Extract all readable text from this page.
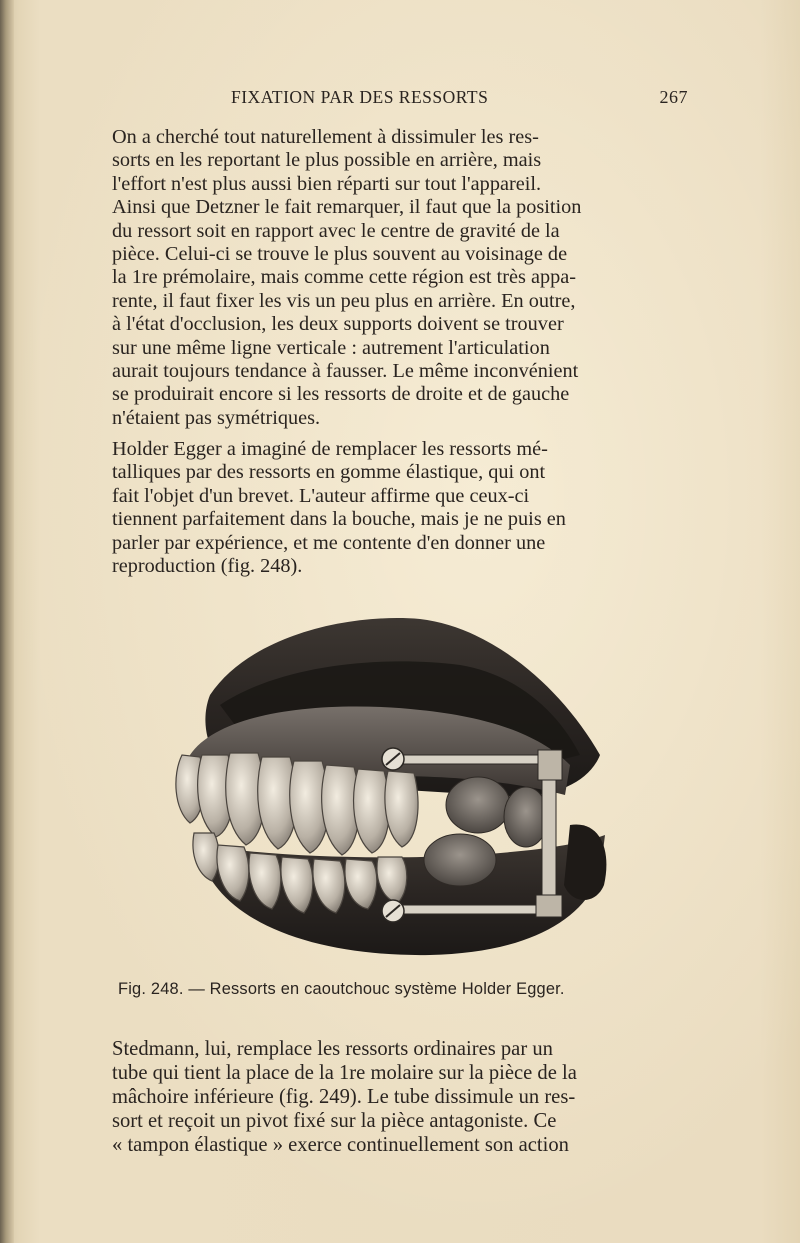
FIXATION PAR DES RESSORTS	267
On a cherché tout naturellement à dissimuler les res-
sorts en les reportant le plus possible en arrière, mais
l'effort n'est plus aussi bien réparti sur tout l'appareil.
Ainsi que Detzner le fait remarquer, il faut que la position
du ressort soit en rapport avec le centre de gravité de la
pièce. Celui-ci se trouve le plus souvent au voisinage de
la 1re prémolaire, mais comme cette région est très appa-
rente, il faut fixer les vis un peu plus en arrière. En outre,
à l'état d'occlusion, les deux supports doivent se trouver
sur une même ligne verticale : autrement l'articulation
aurait toujours tendance à fausser. Le même inconvénient
se produirait encore si les ressorts de droite et de gauche
n'étaient pas symétriques.
Holder Egger a imaginé de remplacer les ressorts mé-
talliques par des ressorts en gomme élastique, qui ont
fait l'objet d'un brevet. L'auteur affirme que ceux-ci
tiennent parfaitement dans la bouche, mais je ne puis en
parler par expérience, et me contente d'en donner une
reproduction (fig. 248).
Fig. 248. — Ressorts en caoutchouc système Holder Egger.
Stedmann, lui, remplace les ressorts ordinaires par un
tube qui tient la place de la 1re molaire sur la pièce de la
mâchoire inférieure (fig. 249). Le tube dissimule un res-
sort et reçoit un pivot fixé sur la pièce antagoniste. Ce
« tampon élastique » exerce continuellement son action
